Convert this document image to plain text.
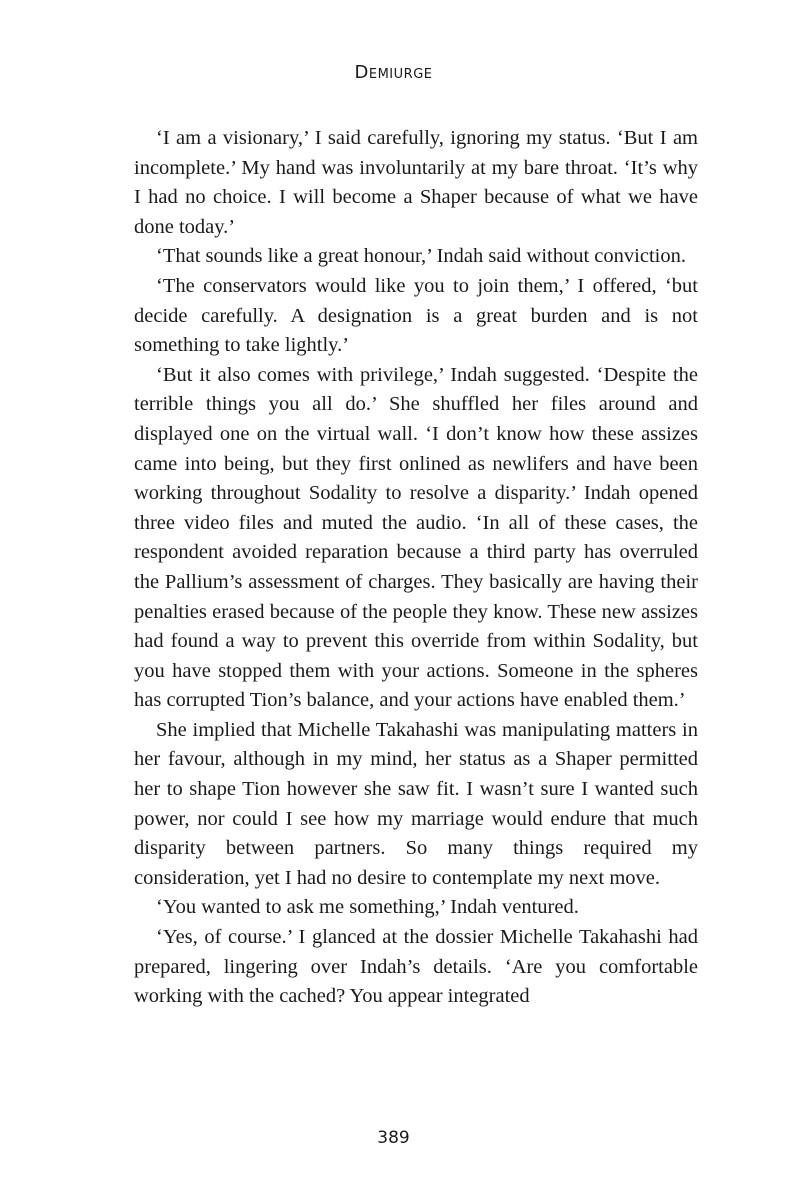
Demiurge

‘I am a visionary,’ I said carefully, ignoring my status. ‘But I am incomplete.’ My hand was involuntarily at my bare throat. ‘It’s why I had no choice. I will become a Shaper because of what we have done today.’

‘That sounds like a great honour,’ Indah said without conviction.

‘The conservators would like you to join them,’ I offered, ‘but decide carefully. A designation is a great burden and is not something to take lightly.’

‘But it also comes with privilege,’ Indah suggested. ‘Despite the terrible things you all do.’ She shuffled her files around and displayed one on the virtual wall. ‘I don’t know how these assizes came into being, but they first onlined as newlifers and have been working throughout Sodality to resolve a disparity.’ Indah opened three video files and muted the audio. ‘In all of these cases, the respondent avoided reparation because a third party has overruled the Pallium’s assessment of charges. They basically are having their penalties erased because of the people they know. These new assizes had found a way to prevent this override from within Sodality, but you have stopped them with your actions. Someone in the spheres has corrupted Tion’s balance, and your actions have enabled them.’

She implied that Michelle Takahashi was manipulating matters in her favour, although in my mind, her status as a Shaper permitted her to shape Tion however she saw fit. I wasn’t sure I wanted such power, nor could I see how my marriage would endure that much disparity between partners. So many things required my consideration, yet I had no desire to contemplate my next move.

‘You wanted to ask me something,’ Indah ventured.

‘Yes, of course.’ I glanced at the dossier Michelle Takahashi had prepared, lingering over Indah’s details. ‘Are you comfortable working with the cached? You appear integrated

389
